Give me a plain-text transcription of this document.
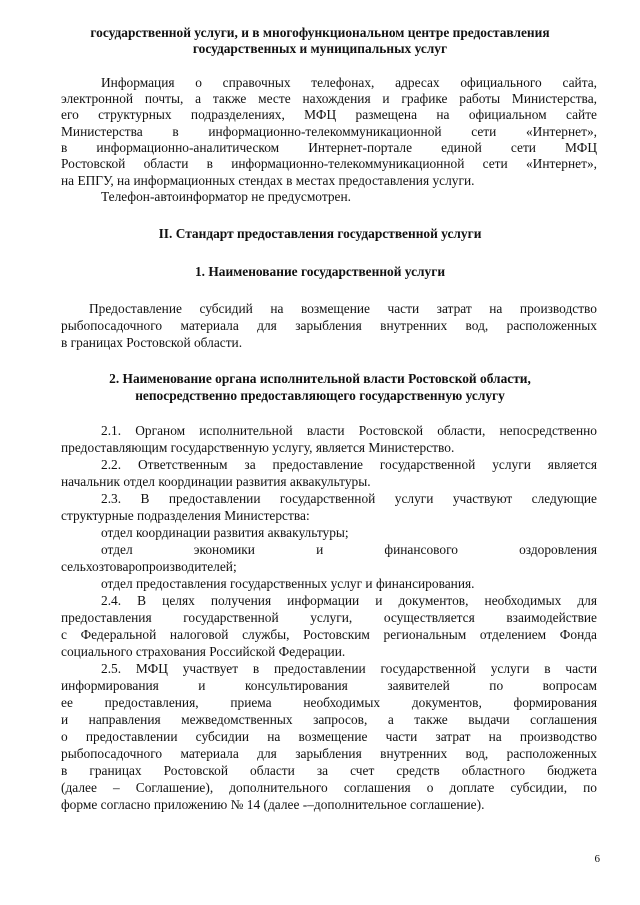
государственной услуги, и в многофункциональном центре предоставления
государственных и муниципальных услуг
Информация о справочных телефонах, адресах официального сайта,
электронной почты, а также месте нахождения и графике работы Министерства,
его структурных подразделениях, МФЦ размещена на официальном сайте
Министерства в информационно-телекоммуникационной сети «Интернет»,
в информационно-аналитическом Интернет-портале единой сети МФЦ
Ростовской области в информационно-телекоммуникационной сети «Интернет»,
на ЕПГУ, на информационных стендах в местах предоставления услуги.
Телефон-автоинформатор не предусмотрен.
II. Стандарт предоставления государственной услуги
1. Наименование государственной услуги
Предоставление субсидий на возмещение части затрат на производство
рыбопосадочного материала для зарыбления внутренних вод, расположенных
в границах Ростовской области.
2. Наименование органа исполнительной власти Ростовской области,
непосредственно предоставляющего государственную услугу
2.1. Органом исполнительной власти Ростовской области, непосредственно
предоставляющим государственную услугу, является Министерство.
2.2. Ответственным за предоставление государственной услуги является
начальник отдел координации развития аквакультуры.
2.3. В предоставлении государственной услуги участвуют следующие
структурные подразделения Министерства:
отдел координации развития аквакультуры;
отдел экономики и финансового оздоровления
сельхозтоваропроизводителей;
отдел предоставления государственных услуг и финансирования.
2.4. В целях получения информации и документов, необходимых для
предоставления государственной услуги, осуществляется взаимодействие
с Федеральной налоговой службы, Ростовским региональным отделением Фонда
социального страхования Российской Федерации.
2.5. МФЦ участвует в предоставлении государственной услуги в части
информирования и консультирования заявителей по вопросам
ее предоставления, приема необходимых документов, формирования
и направления межведомственных запросов, а также выдачи соглашения
о предоставлении субсидии на возмещение части затрат на производство
рыбопосадочного материала для зарыбления внутренних вод, расположенных
в границах Ростовской области за счет средств областного бюджета
(далее – Соглашение), дополнительного соглашения о доплате субсидии, по
форме согласно приложению № 14 (далее -–дополнительное соглашение).
6
